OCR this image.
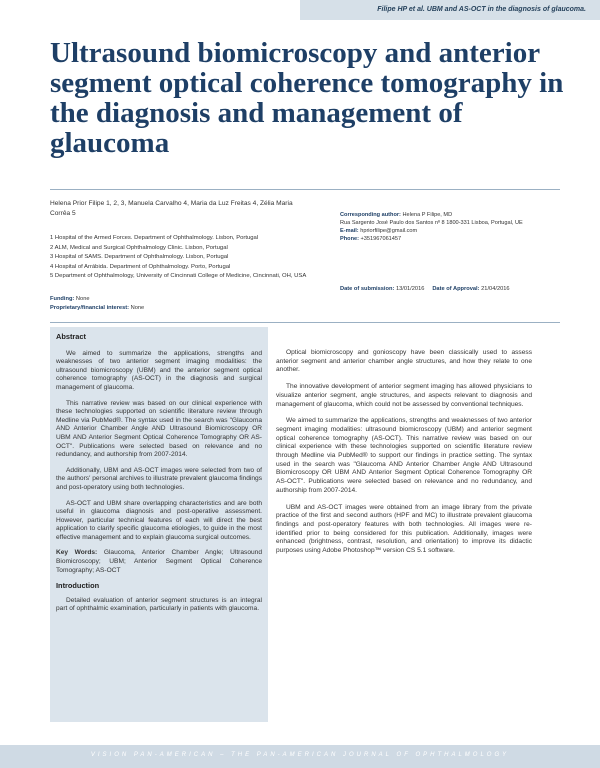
Filipe HP et al. UBM and AS-OCT in the diagnosis of glaucoma.
Ultrasound biomicroscopy and anterior segment optical coherence tomography in the diagnosis and management of glaucoma
Helena Prior Filipe 1, 2, 3, Manuela Carvalho 4, Maria da Luz Freitas 4, Zélia Maria Corrêa 5	Corresponding author: Helena P Filipe, MD
Rua Sargento José Paulo dos Santos nº 8 1800-331 Lisboa, Portugal, UE
E-mail: hpriorfilipe@gmail.com
Phone: +351967061457
1 Hospital of the Armed Forces. Department of Ophthalmology. Lisbon, Portugal
2 ALM, Medical and Surgical Ophthalmology Clinic. Lisbon, Portugal
3 Hospital of SAMS. Department of Ophthalmology. Lisbon, Portugal
4 Hospital of Arrábida. Department of Ophthalmology. Porto, Portugal
5 Department of Ophthalmology, University of Cincinnati College of Medicine, Cincinnati, OH, USA
Date of submission: 13/01/2016 Date of Approval: 21/04/2016
Funding: None
Proprietary/financial interest: None
Abstract

We aimed to summarize the applications, strengths and weaknesses of two anterior segment imaging modalities: the ultrasound biomicroscopy (UBM) and the anterior segment optical coherence tomography (AS-OCT) in the diagnosis and surgical management of glaucoma.

This narrative review was based on our clinical experience with these technologies supported on scientific literature review through Medline via PubMed®. The syntax used in the search was "Glaucoma AND Anterior Chamber Angle AND Ultrasound Biomicroscopy OR UBM AND Anterior Segment Optical Coherence Tomography OR AS-OCT". Publications were selected based on relevance and no redundancy, and authorship from 2007-2014.

Additionally, UBM and AS-OCT images were selected from two of the authors' personal archives to illustrate prevalent glaucoma findings and post-operatory using both technologies.

AS-OCT and UBM share overlapping characteristics and are both useful in glaucoma diagnosis and post-operative assessment. However, particular technical features of each will direct the best application to clarify specific glaucoma etiologies, to guide in the most effective management and to explain glaucoma surgical outcomes.

Key Words: Glaucoma, Anterior Chamber Angle; Ultrasound Biomicroscopy; UBM; Anterior Segment Optical Coherence Tomography; AS-OCT

Introduction

Detailed evaluation of anterior segment structures is an integral part of ophthalmic examination, particularly in patients with glaucoma.

Optical biomicroscopy and gonioscopy have been classically used to assess anterior segment and anterior chamber angle structures, and how they relate to one another.

The innovative development of anterior segment imaging has allowed physicians to visualize anterior segment, angle structures, and aspects relevant to diagnosis and management of glaucoma, which could not be assessed by conventional techniques.

We aimed to summarize the applications, strengths and weaknesses of two anterior segment imaging modalities: ultrasound biomicroscopy (UBM) and anterior segment optical coherence tomography (AS-OCT). This narrative review was based on our clinical experience with these technologies supported on scientific literature review through Medline via PubMed® to support our findings in practice setting. The syntax used in the search was "Glaucoma AND Anterior Chamber Angle AND Ultrasound Biomicroscopy OR UBM AND Anterior Segment Optical Coherence Tomography OR AS-OCT". Publications were selected based on relevance and no redundancy, and authorship from 2007-2014.

UBM and AS-OCT images were obtained from an image library from the private practice of the first and second authors (HPF and MC) to illustrate prevalent glaucoma findings and post-operatory features with both technologies. All images were re-identified prior to being considered for this publication. Additionally, images were enhanced (brightness, contrast, resolution, and orientation) to improve its didactic purposes using Adobe Photoshop™ version CS 5.1 software.

VISION PAN-AMERICAN – THE PAN-AMERICAN JOURNAL OF OPHTHALMOLOGY
